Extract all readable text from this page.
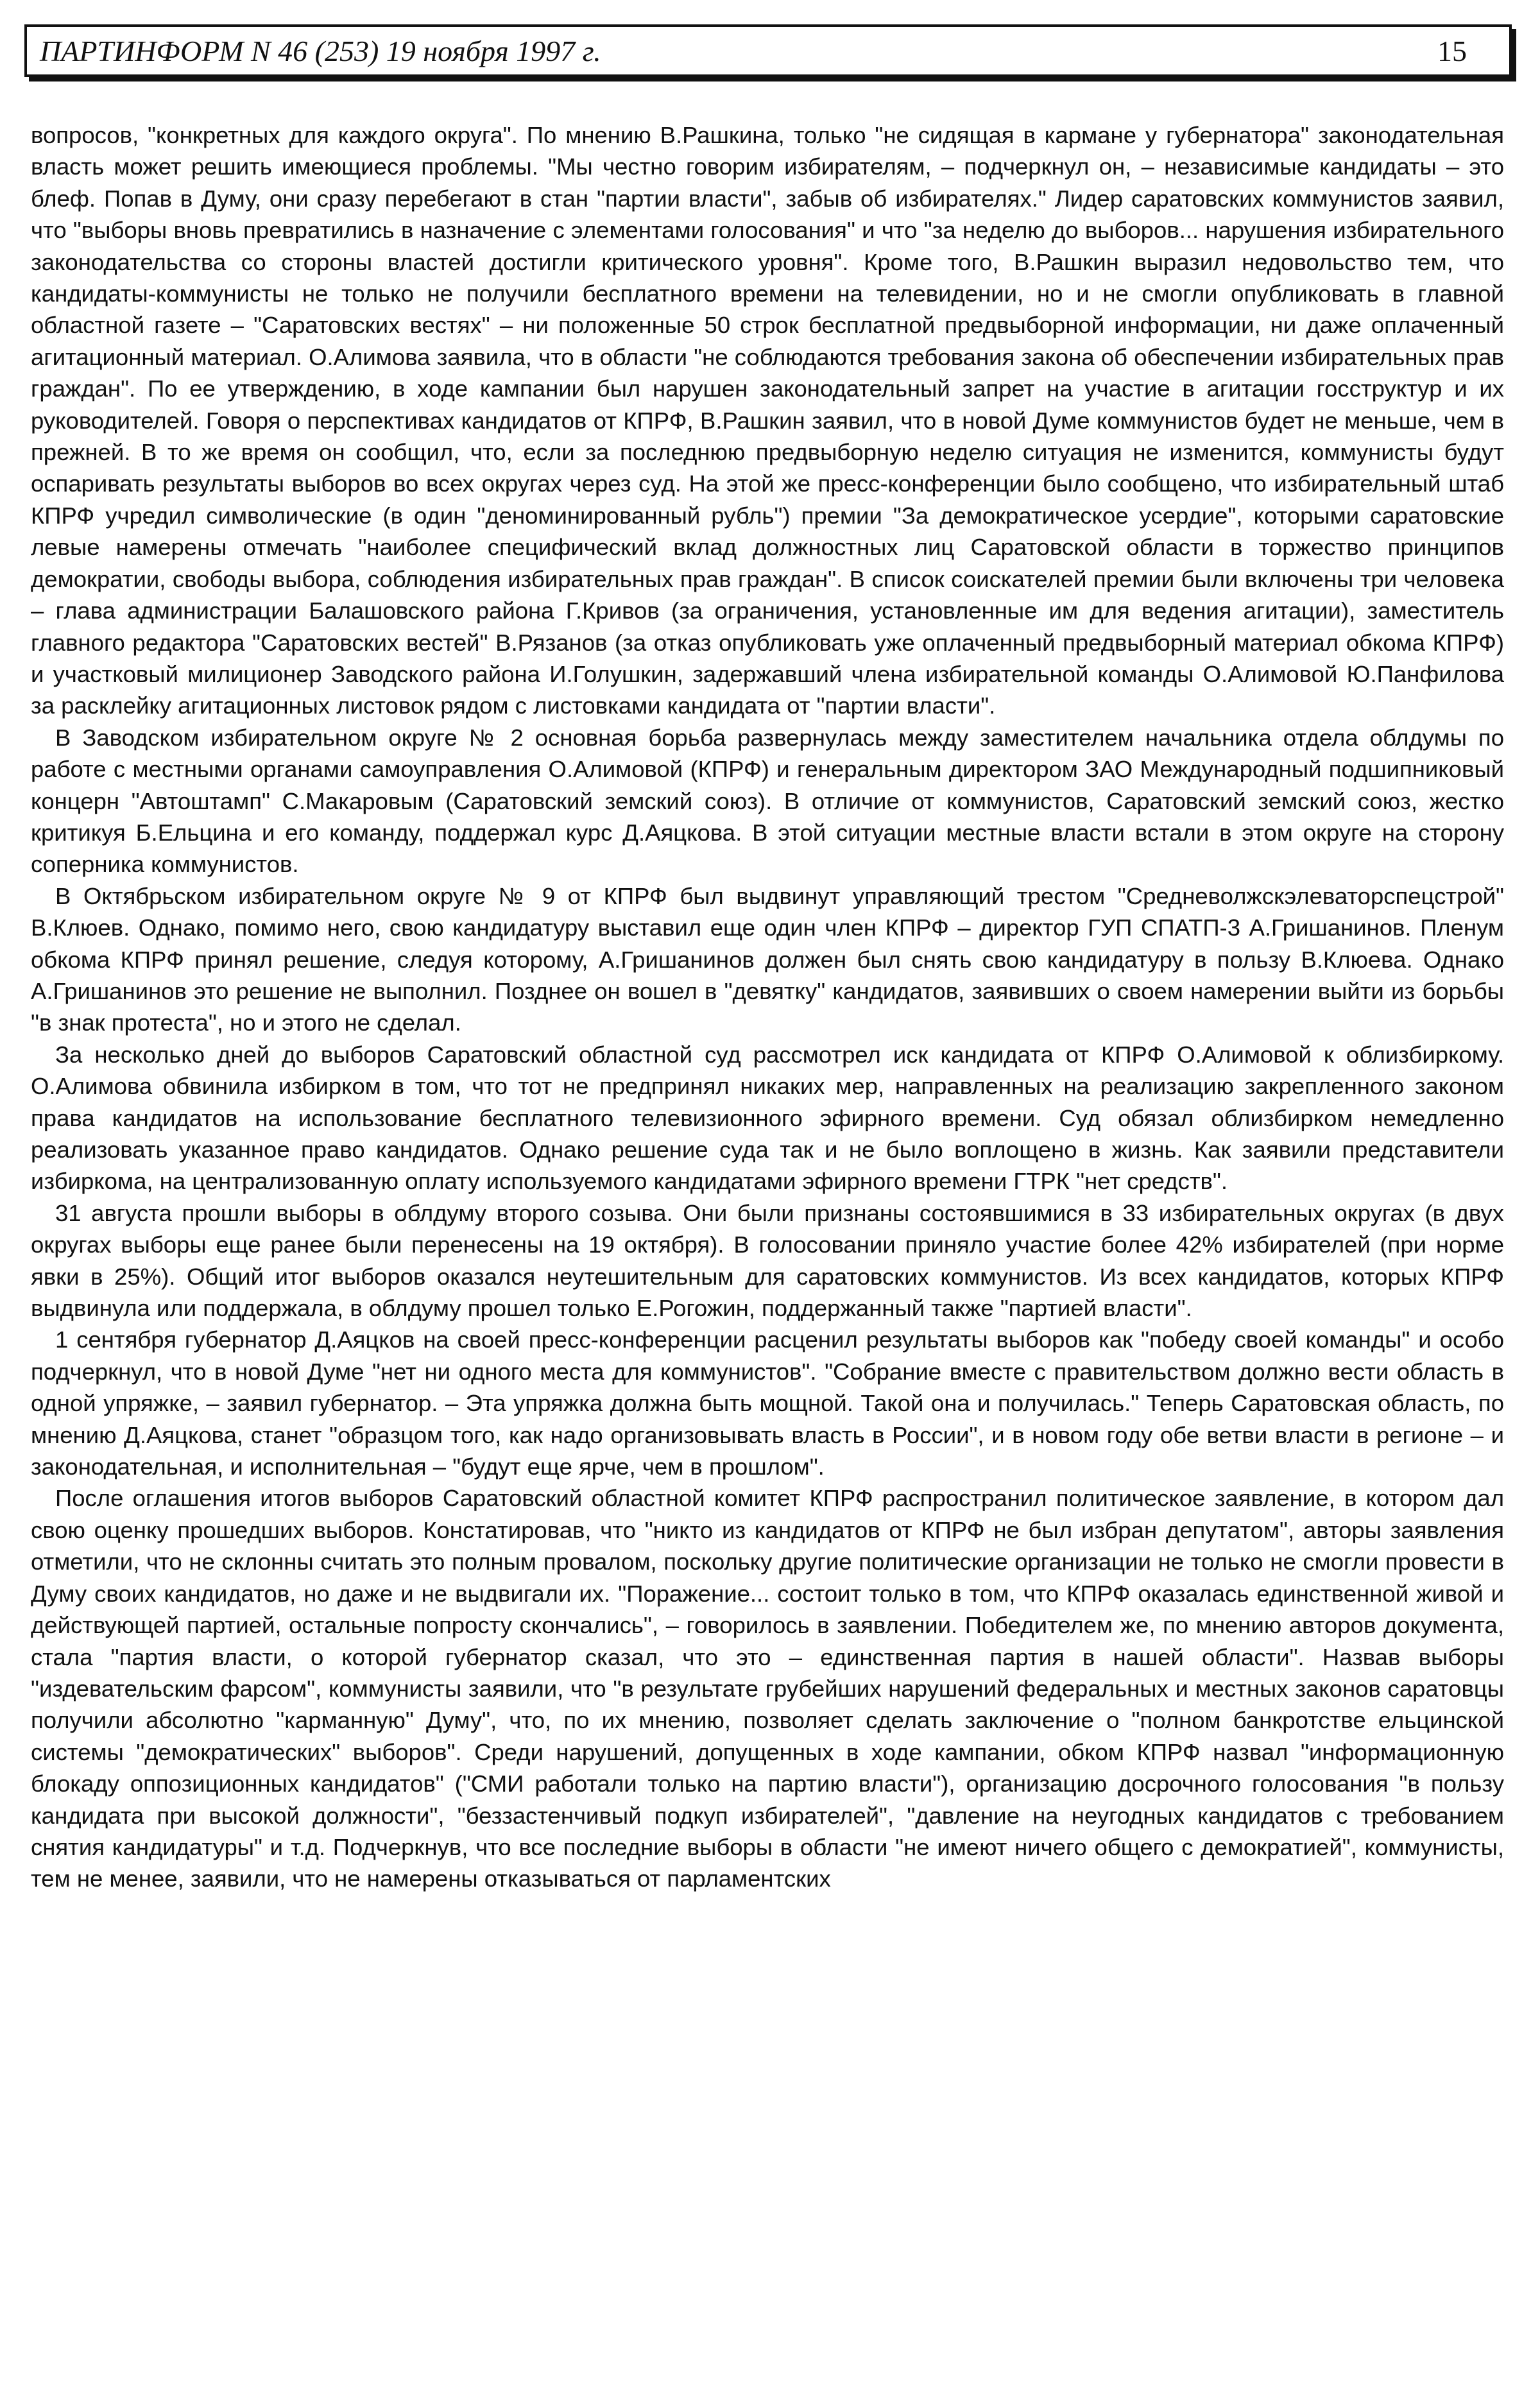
ПАРТИНФОРМ N 46 (253) 19 ноября 1997 г.	15

вопросов, "конкретных для каждого округа". По мнению В.Рашкина, только "не сидящая в кармане у губернатора" законодательная власть может решить имеющиеся проблемы. "Мы честно говорим избирателям, – подчеркнул он, – независимые кандидаты – это блеф. Попав в Думу, они сразу перебегают в стан "партии власти", забыв об избирателях." Лидер саратовских коммунистов заявил, что "выборы вновь превратились в назначение с элементами голосования" и что "за неделю до выборов... нарушения избирательного законодательства со стороны властей достигли критического уровня". Кроме того, В.Рашкин выразил недовольство тем, что кандидаты-коммунисты не только не получили бесплатного времени на телевидении, но и не смогли опубликовать в главной областной газете – "Саратовских вестях" – ни положенные 50 строк бесплатной предвыборной информации, ни даже оплаченный агитационный материал. О.Алимова заявила, что в области "не соблюдаются требования закона об обеспечении избирательных прав граждан". По ее утверждению, в ходе кампании был нарушен законодательный запрет на участие в агитации госструктур и их руководителей. Говоря о перспективах кандидатов от КПРФ, В.Рашкин заявил, что в новой Думе коммунистов будет не меньше, чем в прежней. В то же время он сообщил, что, если за последнюю предвыборную неделю ситуация не изменится, коммунисты будут оспаривать результаты выборов во всех округах через суд. На этой же пресс-конференции было сообщено, что избирательный штаб КПРФ учредил символические (в один "деноминированный рубль") премии "За демократическое усердие", которыми саратовские левые намерены отмечать "наиболее специфический вклад должностных лиц Саратовской области в торжество принципов демократии, свободы выбора, соблюдения избирательных прав граждан". В список соискателей премии были включены три человека – глава администрации Балашовского района Г.Кривов (за ограничения, установленные им для ведения агитации), заместитель главного редактора "Саратовских вестей" В.Рязанов (за отказ опубликовать уже оплаченный предвыборный материал обкома КПРФ) и участковый милиционер Заводского района И.Голушкин, задержавший члена избирательной команды О.Алимовой Ю.Панфилова за расклейку агитационных листовок рядом с листовками кандидата от "партии власти".

В Заводском избирательном округе № 2 основная борьба развернулась между заместителем начальника отдела облдумы по работе с местными органами самоуправления О.Алимовой (КПРФ) и генеральным директором ЗАО Международный подшипниковый концерн "Автоштамп" С.Макаровым (Саратовский земский союз). В отличие от коммунистов, Саратовский земский союз, жестко критикуя Б.Ельцина и его команду, поддержал курс Д.Аяцкова. В этой ситуации местные власти встали в этом округе на сторону соперника коммунистов.

В Октябрьском избирательном округе № 9 от КПРФ был выдвинут управляющий трестом "Средневолжскэлеваторспецстрой" В.Клюев. Однако, помимо него, свою кандидатуру выставил еще один член КПРФ – директор ГУП СПАТП-3 А.Гришанинов. Пленум обкома КПРФ принял решение, следуя которому, А.Гришанинов должен был снять свою кандидатуру в пользу В.Клюева. Однако А.Гришанинов это решение не выполнил. Позднее он вошел в "девятку" кандидатов, заявивших о своем намерении выйти из борьбы "в знак протеста", но и этого не сделал.

За несколько дней до выборов Саратовский областной суд рассмотрел иск кандидата от КПРФ О.Алимовой к облизбиркому. О.Алимова обвинила избирком в том, что тот не предпринял никаких мер, направленных на реализацию закрепленного законом права кандидатов на использование бесплатного телевизионного эфирного времени. Суд обязал облизбирком немедленно реализовать указанное право кандидатов. Однако решение суда так и не было воплощено в жизнь. Как заявили представители избиркома, на централизованную оплату используемого кандидатами эфирного времени ГТРК "нет средств".

31 августа прошли выборы в облдуму второго созыва. Они были признаны состоявшимися в 33 избирательных округах (в двух округах выборы еще ранее были перенесены на 19 октября). В голосовании приняло участие более 42% избирателей (при норме явки в 25%). Общий итог выборов оказался неутешительным для саратовских коммунистов. Из всех кандидатов, которых КПРФ выдвинула или поддержала, в облдуму прошел только Е.Рогожин, поддержанный также "партией власти".

1 сентября губернатор Д.Аяцков на своей пресс-конференции расценил результаты выборов как "победу своей команды" и особо подчеркнул, что в новой Думе "нет ни одного места для коммунистов". "Собрание вместе с правительством должно вести область в одной упряжке, – заявил губернатор. – Эта упряжка должна быть мощной. Такой она и получилась." Теперь Саратовская область, по мнению Д.Аяцкова, станет "образцом того, как надо организовывать власть в России", и в новом году обе ветви власти в регионе – и законодательная, и исполнительная – "будут еще ярче, чем в прошлом".

После оглашения итогов выборов Саратовский областной комитет КПРФ распространил политическое заявление, в котором дал свою оценку прошедших выборов. Констатировав, что "никто из кандидатов от КПРФ не был избран депутатом", авторы заявления отметили, что не склонны считать это полным провалом, поскольку другие политические организации не только не смогли провести в Думу своих кандидатов, но даже и не выдвигали их. "Поражение... состоит только в том, что КПРФ оказалась единственной живой и действующей партией, остальные попросту скончались", – говорилось в заявлении. Победителем же, по мнению авторов документа, стала "партия власти, о которой губернатор сказал, что это – единственная партия в нашей области". Назвав выборы "издевательским фарсом", коммунисты заявили, что "в результате грубейших нарушений федеральных и местных законов саратовцы получили абсолютно "карманную" Думу", что, по их мнению, позволяет сделать заключение о "полном банкротстве ельцинской системы "демократических" выборов". Среди нарушений, допущенных в ходе кампании, обком КПРФ назвал "информационную блокаду оппозиционных кандидатов" ("СМИ работали только на партию власти"), организацию досрочного голосования "в пользу кандидата при высокой должности", "беззастенчивый подкуп избирателей", "давление на неугодных кандидатов с требованием снятия кандидатуры" и т.д. Подчеркнув, что все последние выборы в области "не имеют ничего общего с демократией", коммунисты, тем не менее, заявили, что не намерены отказываться от парламентских
